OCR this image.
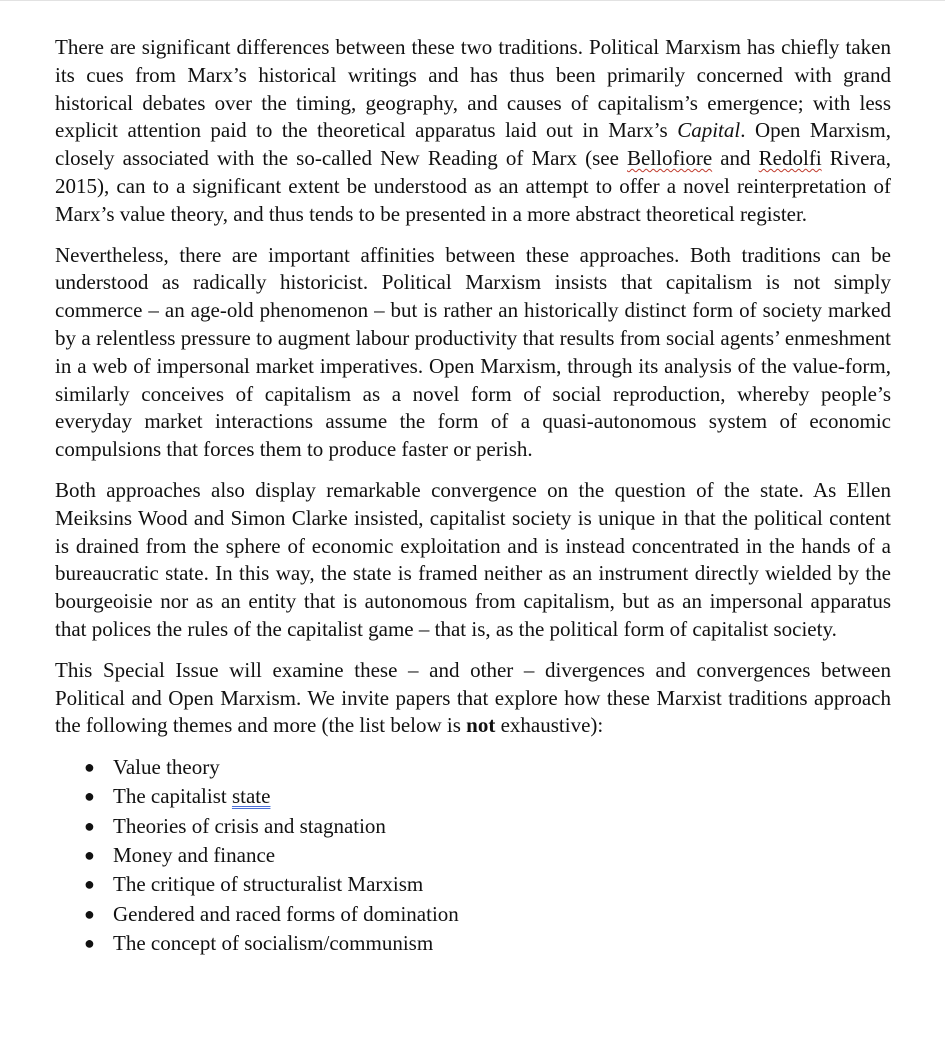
There are significant differences between these two traditions. Political Marxism has chiefly taken its cues from Marx’s historical writings and has thus been primarily concerned with grand historical debates over the timing, geography, and causes of capitalism’s emergence; with less explicit attention paid to the theoretical apparatus laid out in Marx’s Capital. Open Marxism, closely associated with the so-called New Reading of Marx (see Bellofiore and Redolfi Rivera, 2015), can to a significant extent be understood as an attempt to offer a novel reinterpretation of Marx’s value theory, and thus tends to be presented in a more abstract theoretical register.

Nevertheless, there are important affinities between these approaches. Both traditions can be understood as radically historicist. Political Marxism insists that capitalism is not simply commerce – an age-old phenomenon – but is rather an historically distinct form of society marked by a relentless pressure to augment labour productivity that results from social agents’ enmeshment in a web of impersonal market imperatives. Open Marxism, through its analysis of the value-form, similarly conceives of capitalism as a novel form of social reproduction, whereby people’s everyday market interactions assume the form of a quasi-autonomous system of economic compulsions that forces them to produce faster or perish.

Both approaches also display remarkable convergence on the question of the state. As Ellen Meiksins Wood and Simon Clarke insisted, capitalist society is unique in that the political content is drained from the sphere of economic exploitation and is instead concentrated in the hands of a bureaucratic state. In this way, the state is framed neither as an instrument directly wielded by the bourgeoisie nor as an entity that is autonomous from capitalism, but as an impersonal apparatus that polices the rules of the capitalist game – that is, as the political form of capitalist society.

This Special Issue will examine these – and other – divergences and convergences between Political and Open Marxism. We invite papers that explore how these Marxist traditions approach the following themes and more (the list below is not exhaustive):

● Value theory
● The capitalist state
● Theories of crisis and stagnation
● Money and finance
● The critique of structuralist Marxism
● Gendered and raced forms of domination
● The concept of socialism/communism
